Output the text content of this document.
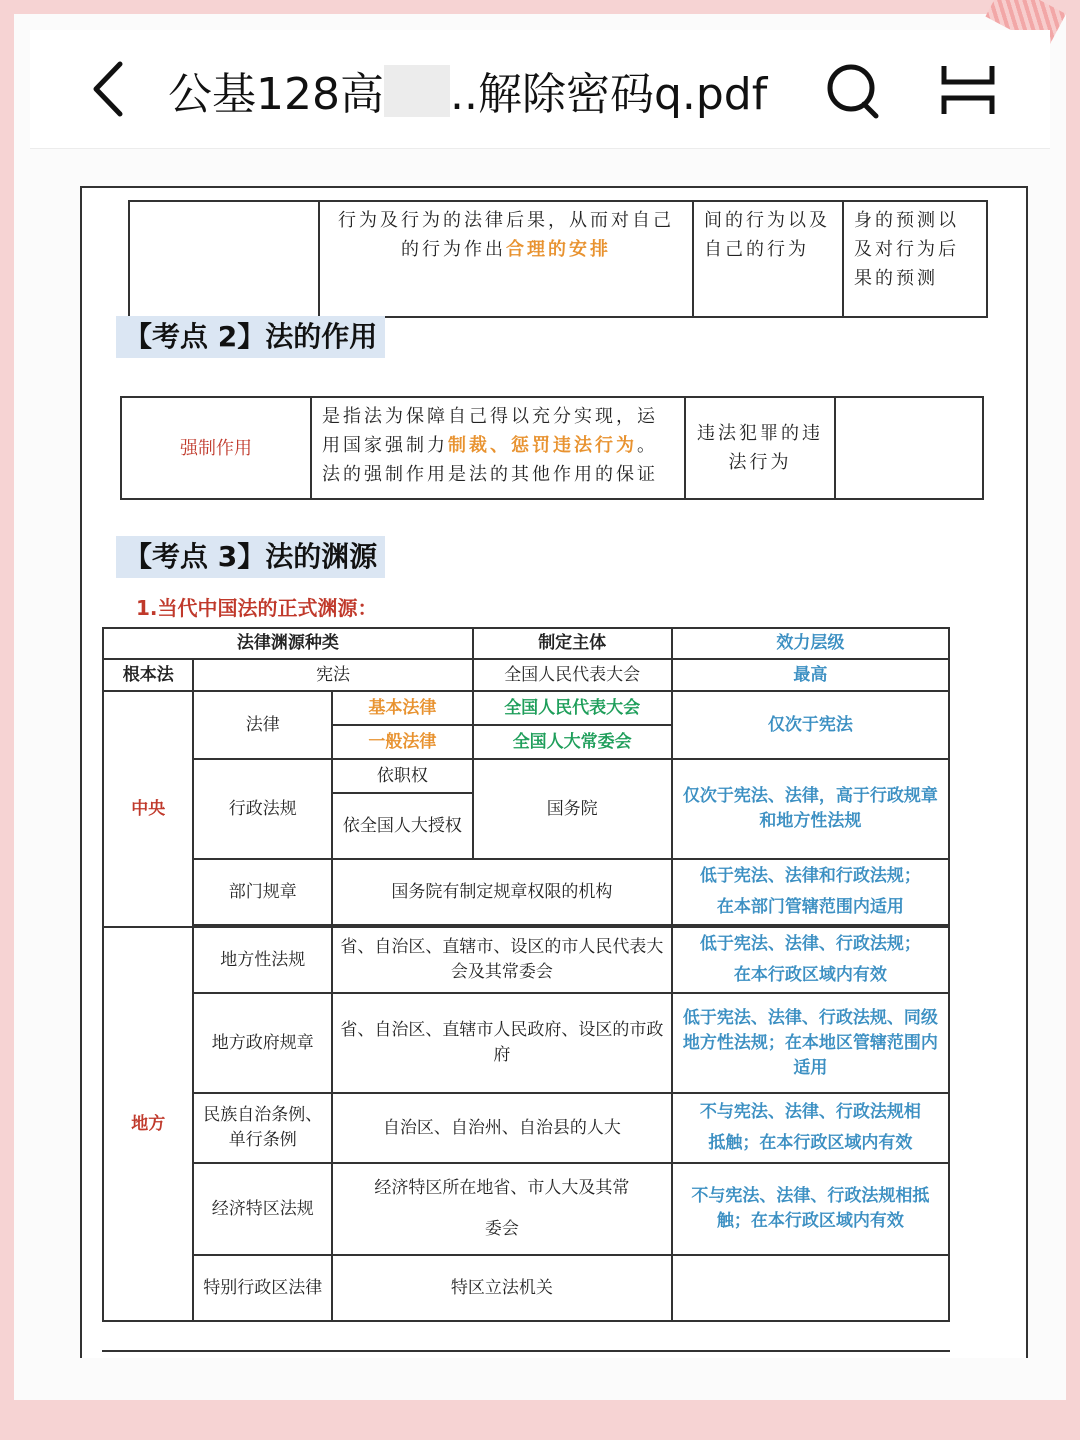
公基128高 ..解除密码q.pdf
	行为及行为的法律后果，从而对自己的行为作出合理的安排	间的行为以及自己的行为	身的预测以及对行为后果的预测
【考点 2】法的作用
强制作用	是指法为保障自己得以充分实现，运用国家强制力制裁、惩罚违法行为。法的强制作用是法的其他作用的保证	违法犯罪的违法行为	
【考点 3】法的渊源
1.当代中国法的正式渊源：
法律渊源种类			制定主体	效力层级
根本法	宪法		全国人民代表大会	最高
中央	法律	基本法律	全国人民代表大会	仅次于宪法
		一般法律	全国人大常委会	
	行政法规	依职权	国务院	仅次于宪法、法律，高于行政规章和地方性法规
		依全国人大授权		
	部门规章	国务院有制定规章权限的机构		低于宪法、法律和行政法规；
在本部门管辖范围内适用

地方	地方性法规	省、自治区、直辖市、设区的市人民代表大会及其常委会		低于宪法、法律、行政法规；
在本行政区域内有效

	地方政府规章	省、自治区、直辖市人民政府、设区的市政府		低于宪法、法律、行政法规、同级地方性法规；在本地区管辖范围内适用
	民族自治条例、单行条例	自治区、自治州、自治县的人大		不与宪法、法律、行政法规相
抵触；在本行政区域内有效

	经济特区法规	经济特区所在地省、市人大及其常
委会		不与宪法、法律、行政法规相抵触；在本行政区域内有效
	特别行政区法律	特区立法机关		
